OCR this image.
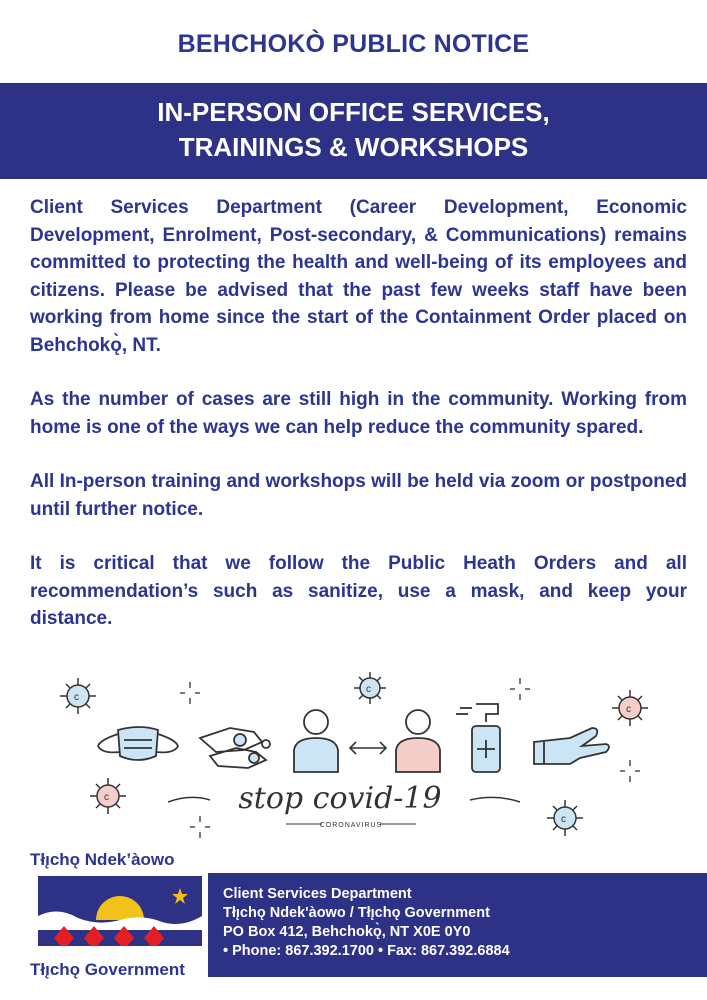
BEHCHOKÒ PUBLIC NOTICE
IN-PERSON OFFICE SERVICES,
TRAININGS & WORKSHOPS

Client Services Department (Career Development, Economic Development, Enrolment, Post-secondary, & Communications) remains committed to protecting the health and well-being of its employees and citizens. Please be advised that the past few weeks staff have been working from home since the start of the Containment Order placed on Behchokǫ̀, NT.

As the number of cases are still high in the community. Working from home is one of the ways we can help reduce the community spared.

All In-person training and workshops will be held via zoom or postponed until further notice.

It is critical that we follow the Public Heath Orders and all recommendation’s such as sanitize, use a mask, and keep your distance.

c
c
c
c
c
stop covid-19
CORONAVIRUS
Tłı̨chǫ Ndek’àowo
Tłı̨chǫ Government
Client Services Department
Tłı̨chǫ Ndek'àowo / Tłı̨chǫ Government
PO Box 412, Behchokǫ̀, NT X0E 0Y0
• Phone: 867.392.1700 • Fax: 867.392.6884
